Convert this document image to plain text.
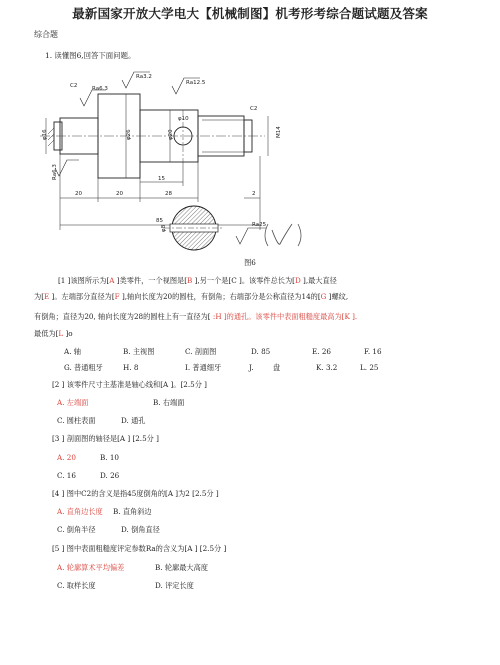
最新国家开放大学电大【机械制图】机考形考综合题试题及答案
综合题
1. 读懂图6,回答下面问题。
C2	Ra6.3
Ra3.2
Ra12.5
C2
φ16	φ26	φ20
φ10
M14
Ra6.3
20	20	28
15
2
85
φ8	Ra25
图6
[1 ]该图所示为[A ]类零件，一个视图是[B ],另一个是[C ]。该零件总长为[D ],最大直径
为[E ]。左端部分直径为[F ],轴向长度为20的圆柱，有倒角；右端部分是公称直径为14的[G ]螺纹,
有倒角；直径为20, 轴向长度为28的圆柱上有一直径为[ :H ]的通孔。该零件中表面粗糙度最高为[K ].
最低为[L ]o
A. 轴	B. 主视图	C. 剖面图	D. 85	E. 26	F. 16
G. 普通粗牙	H. 8	I. 普通细牙	J.	盘	K. 3.2	L. 25
[2 ] 该零件尺寸主基准是轴心线和[A ]。[2.5分 ]
A. 左端面	B. 右端面
C. 圆柱表面	D. 通孔
[3 ] 剖面图的轴径是[A ] [2.5分 ]
A. 20	B. 10
C. 16	D. 26
[4 ] 图中C2的含义是指45度倒角的[A ]为2 [2.5分 ]
A. 直角边长度 B. 直角斜边
C. 倒角半径	D. 倒角直径
[5 ] 图中表面粗糙度评定参数Ra的含义为[A ] [2.5分 ]
A. 轮廓算术平均偏差	B. 轮廓最大高度
C. 取样长度	D. 评定长度
